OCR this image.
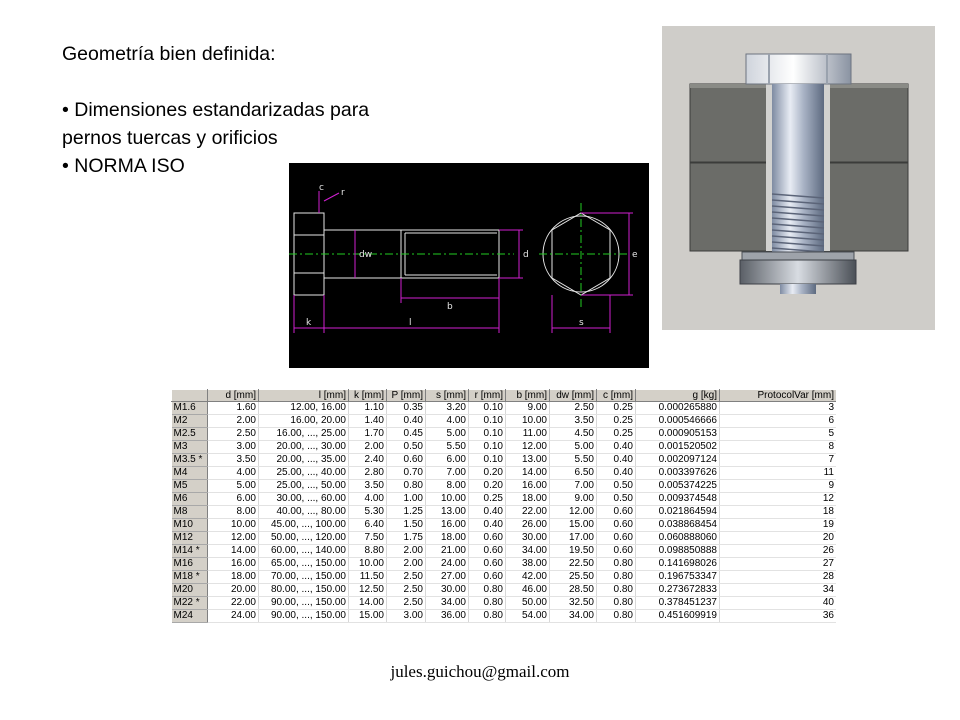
Geometría bien definida:

• Dimensiones estandarizadas para

pernos tuercas y orificios

• NORMA ISO

c r
dw	d
b
k	l	s
e
	d [mm]	l [mm]	k [mm]	P [mm]	s [mm]	r [mm]	b [mm]	dw [mm]	c [mm]	g [kg]	ProtocolVar [mm]
M1.6	1.60	12.00, 16.00	1.10	0.35	3.20	0.10	9.00	2.50	0.25	0.000265880	3
M2	2.00	16.00, 20.00	1.40	0.40	4.00	0.10	10.00	3.50	0.25	0.000546666	6
M2.5	2.50	16.00, ..., 25.00	1.70	0.45	5.00	0.10	11.00	4.50	0.25	0.000905153	5
M3	3.00	20.00, ..., 30.00	2.00	0.50	5.50	0.10	12.00	5.00	0.40	0.001520502	8
M3.5 *	3.50	20.00, ..., 35.00	2.40	0.60	6.00	0.10	13.00	5.50	0.40	0.002097124	7
M4	4.00	25.00, ..., 40.00	2.80	0.70	7.00	0.20	14.00	6.50	0.40	0.003397626	11
M5	5.00	25.00, ..., 50.00	3.50	0.80	8.00	0.20	16.00	7.00	0.50	0.005374225	9
M6	6.00	30.00, ..., 60.00	4.00	1.00	10.00	0.25	18.00	9.00	0.50	0.009374548	12
M8	8.00	40.00, ..., 80.00	5.30	1.25	13.00	0.40	22.00	12.00	0.60	0.021864594	18
M10	10.00	45.00, ..., 100.00	6.40	1.50	16.00	0.40	26.00	15.00	0.60	0.038868454	19
M12	12.00	50.00, ..., 120.00	7.50	1.75	18.00	0.60	30.00	17.00	0.60	0.060888060	20
M14 *	14.00	60.00, ..., 140.00	8.80	2.00	21.00	0.60	34.00	19.50	0.60	0.098850888	26
M16	16.00	65.00, ..., 150.00	10.00	2.00	24.00	0.60	38.00	22.50	0.80	0.141698026	27
M18 *	18.00	70.00, ..., 150.00	11.50	2.50	27.00	0.60	42.00	25.50	0.80	0.196753347	28
M20	20.00	80.00, ..., 150.00	12.50	2.50	30.00	0.80	46.00	28.50	0.80	0.273672833	34
M22 *	22.00	90.00, ..., 150.00	14.00	2.50	34.00	0.80	50.00	32.50	0.80	0.378451237	40
M24	24.00	90.00, ..., 150.00	15.00	3.00	36.00	0.80	54.00	34.00	0.80	0.451609919	36
jules.guichou@gmail.com
